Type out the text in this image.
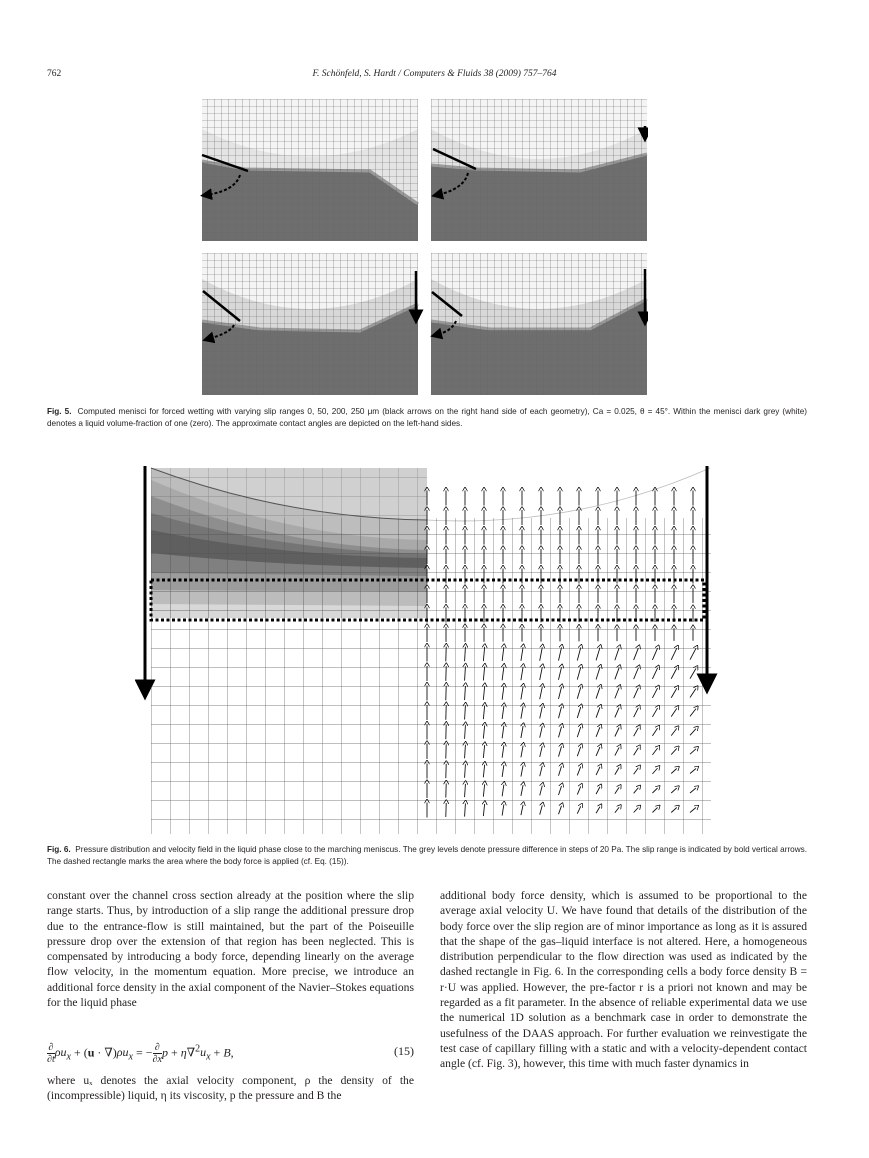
762	F. Schönfeld, S. Hardt / Computers & Fluids 38 (2009) 757–764
Fig. 5. Computed menisci for forced wetting with varying slip ranges 0, 50, 200, 250 μm (black arrows on the right hand side of each geometry), Ca = 0.025, θ = 45°. Within the menisci dark grey (white) denotes a liquid volume-fraction of one (zero). The approximate contact angles are depicted on the left-hand sides.
Fig. 6. Pressure distribution and velocity field in the liquid phase close to the marching meniscus. The grey levels denote pressure difference in steps of 20 Pa. The slip range is indicated by bold vertical arrows. The dashed rectangle marks the area where the body force is applied (cf. Eq. (15)).

constant over the channel cross section already at the position where the slip range starts. Thus, by introduction of a slip range the additional pressure drop due to the entrance-flow is still maintained, but the part of the Poiseuille pressure drop over the extension of that region has been neglected. This is compensated by introducing a body force, depending linearly on the average flow velocity, in the momentum equation. More precise, we introduce an additional force density in the axial component of the Navier–Stokes equations for the liquid phase

$\frac{\partial}{\partial t} \rho u_x + (u \cdot \nabla)\rho u_x$ = − $\frac{\partial}{\partial x}$ $p + \eta\nabla^2u_x + B$,	(15)

where uₓ denotes the axial velocity component, ρ the density of the (incompressible) liquid, η its viscosity, p the pressure and B the

additional body force density, which is assumed to be proportional to the average axial velocity U. We have found that details of the distribution of the body force over the slip region are of minor importance as long as it is assured that the shape of the gas–liquid interface is not altered. Here, a homogeneous distribution perpendicular to the flow direction was used as indicated by the dashed rectangle in Fig. 6. In the corresponding cells a body force density B = r·U was applied. However, the pre-factor r is a priori not known and may be regarded as a fit parameter. In the absence of reliable experimental data we use the numerical 1D solution as a benchmark case in order to demonstrate the usefulness of the DAAS approach. For further evaluation we reinvestigate the test case of capillary filling with a static and with a velocity-dependent contact angle (cf. Fig. 3), however, this time with much faster dynamics in
